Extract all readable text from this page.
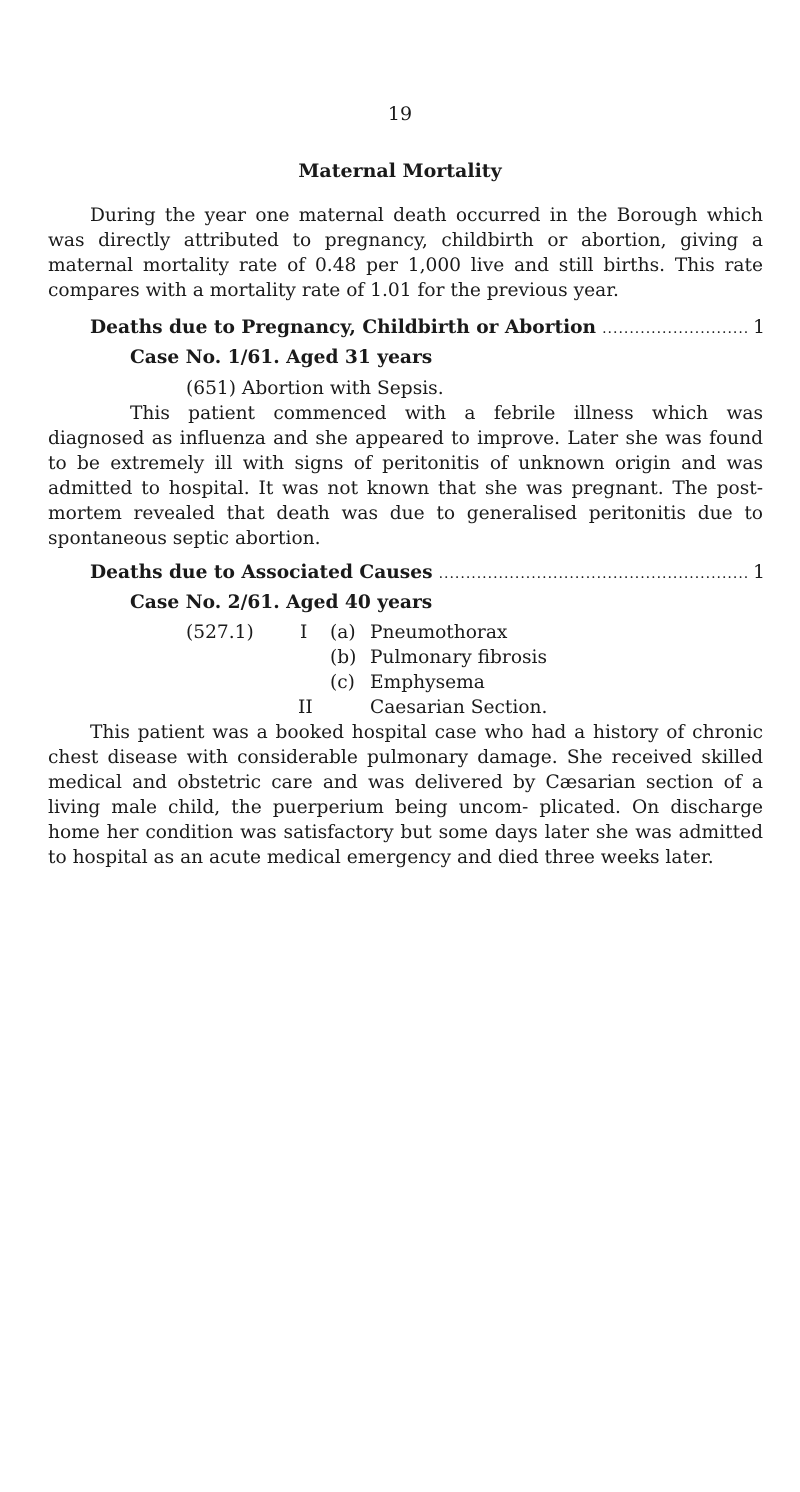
19
Maternal Mortality

During the year one maternal death occurred in the Borough which was directly attributed to pregnancy, childbirth or abortion, giving a maternal mortality rate of 0.48 per 1,000 live and still births. This rate compares with a mortality rate of 1.01 for the previous year.

Deaths due to Pregnancy, Childbirth or Abortion .....	1
Case No. 1/61. Aged 31 years
(651) Abortion with Sepsis.

This patient commenced with a febrile illness which was diagnosed as influenza and she appeared to improve. Later she was found to be extremely ill with signs of peritonitis of unknown origin and was admitted to hospital. It was not known that she was pregnant. The post-mortem revealed that death was due to generalised peritonitis due to spontaneous septic abortion.

Deaths due to Associated Causes .....	1
Case No. 2/61. Aged 40 years
(527.1) I (a) Pneumothorax
(b) Pulmonary fibrosis
(c) Emphysema
II	Caesarian Section.

This patient was a booked hospital case who had a history of chronic chest disease with considerable pulmonary damage. She received skilled medical and obstetric care and was delivered by Cæsarian section of a living male child, the puerperium being uncom- plicated. On discharge home her condition was satisfactory but some days later she was admitted to hospital as an acute medical emergency and died three weeks later.
